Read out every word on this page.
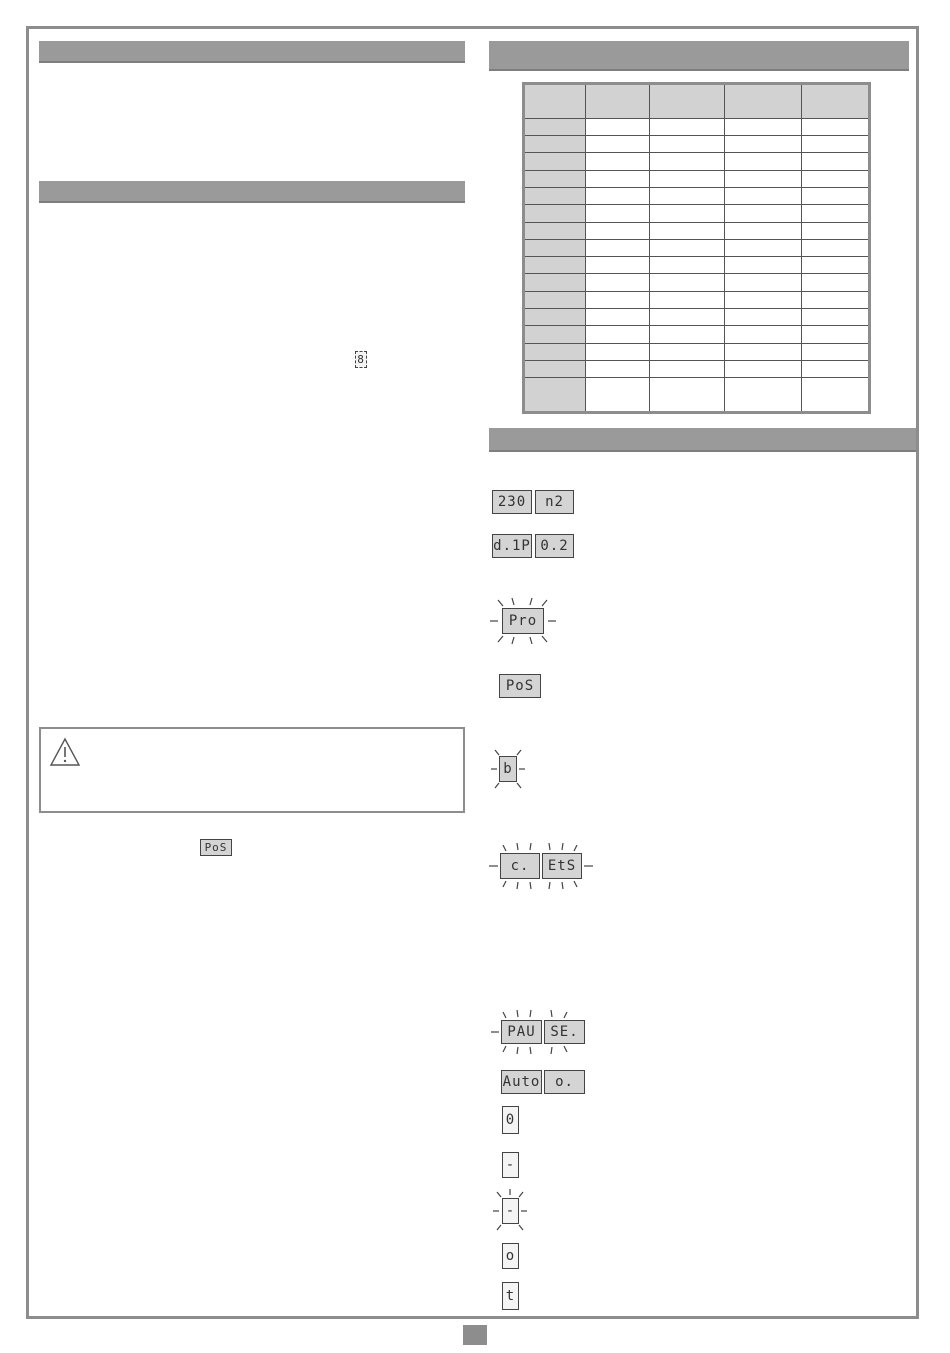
8
PoS

230	n2
d.1P 0.2
Pro
PoS
b
c.	EtS
PAU	SE.
Auto	o.
0
-
-
o
t
